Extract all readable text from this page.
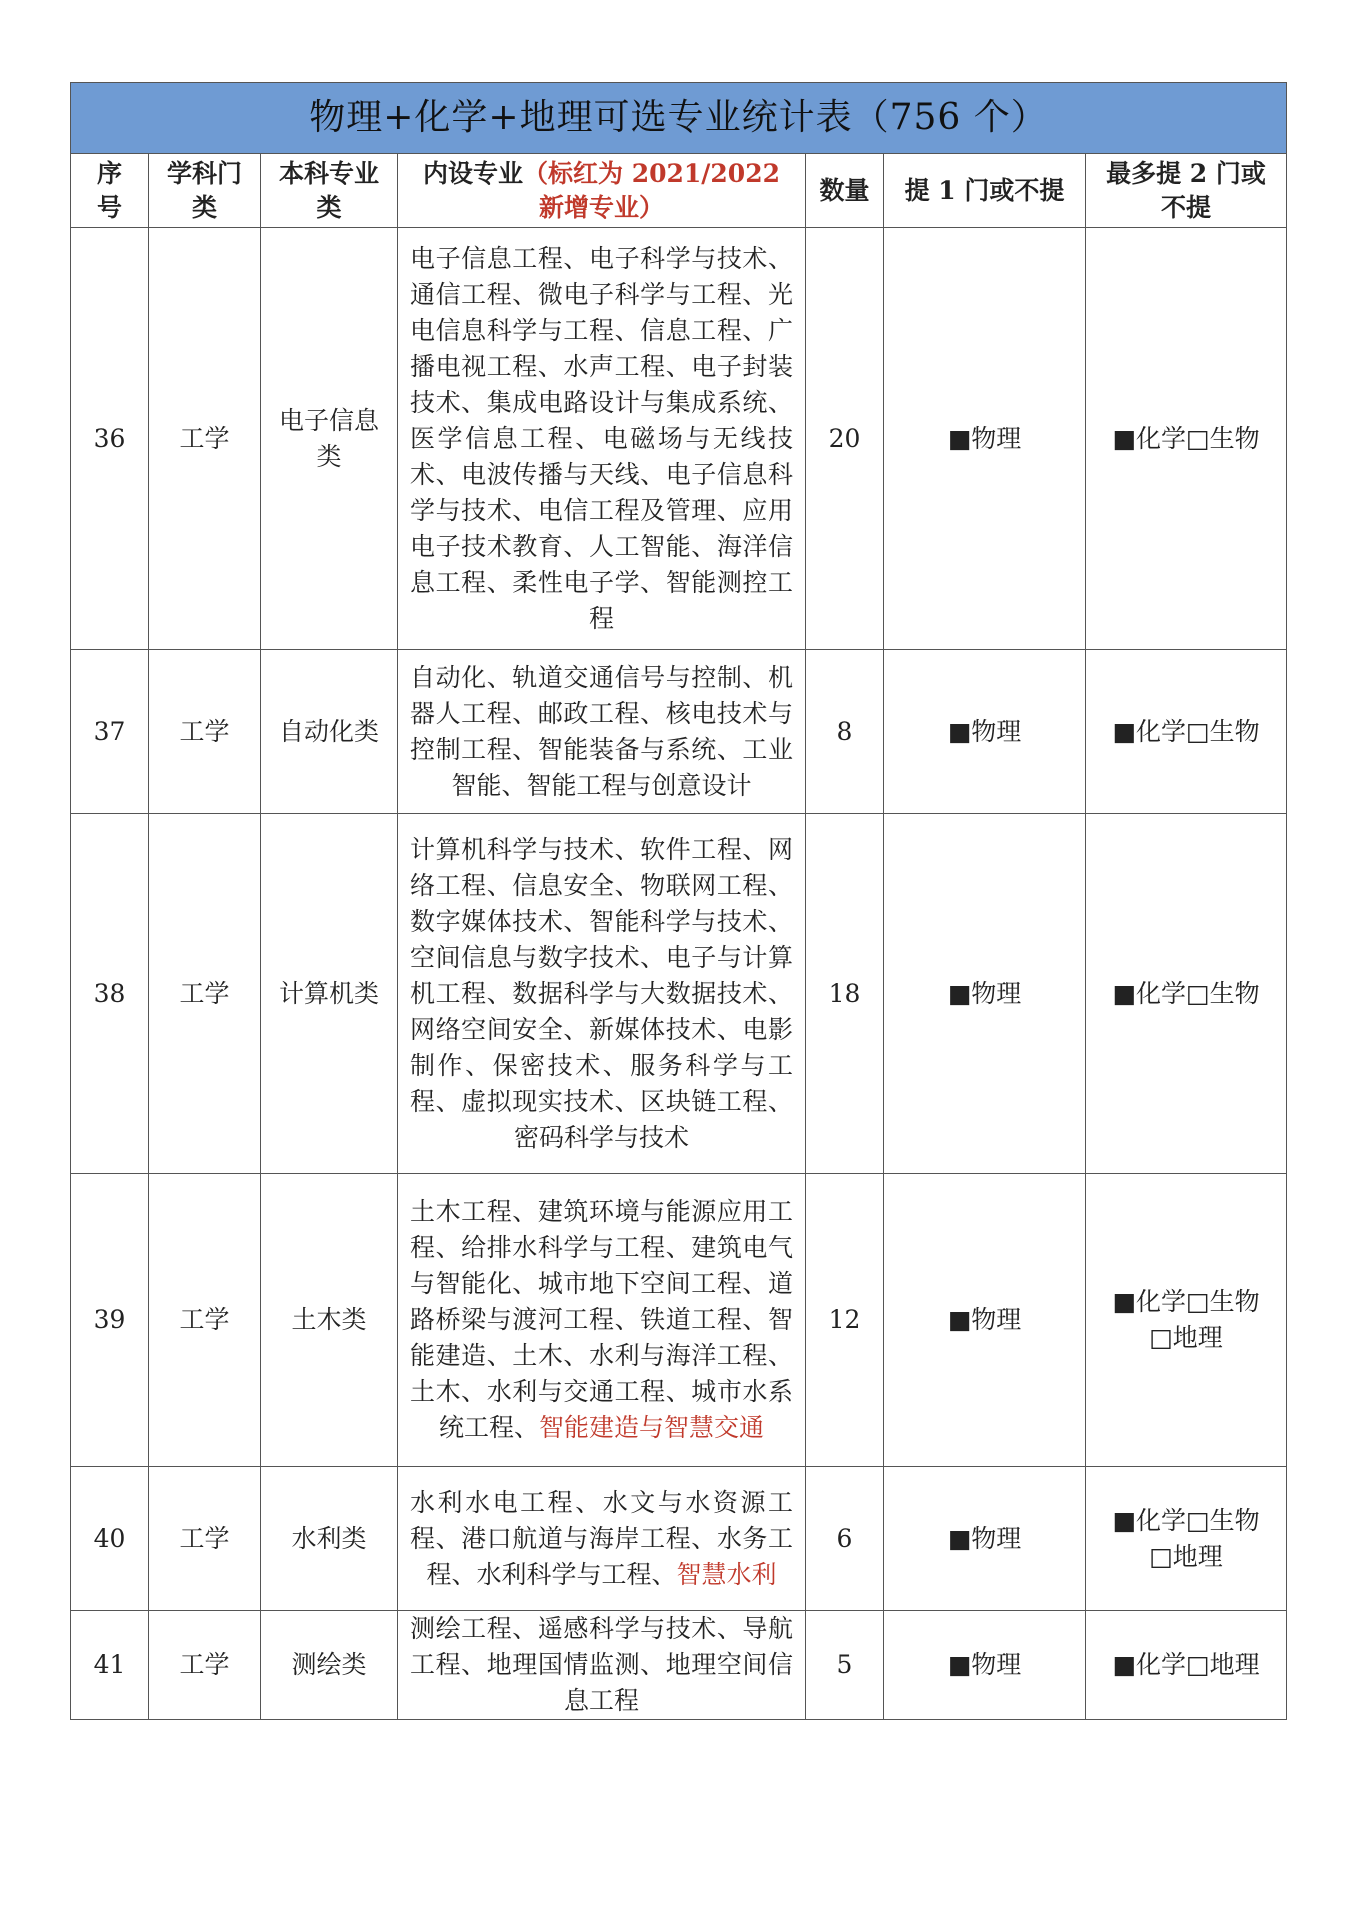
物理+化学+地理可选专业统计表（756 个）						
序号	学科门类	本科专业类	内设专业（标红为 2021/2022 新增专业）	数量	提 1 门或不提	最多提 2 门或不提
36	工学	电子信息类	电子信息工程、电子科学与技术、通信工程、微电子科学与工程、光电信息科学与工程、信息工程、广播电视工程、水声工程、电子封装技术、集成电路设计与集成系统、医学信息工程、电磁场与无线技术、电波传播与天线、电子信息科学与技术、电信工程及管理、应用电子技术教育、人工智能、海洋信息工程、柔性电子学、智能测控工程	20	■物理	■化学□生物
37	工学	自动化类	自动化、轨道交通信号与控制、机器人工程、邮政工程、核电技术与控制工程、智能装备与系统、工业智能、智能工程与创意设计	8	■物理	■化学□生物
38	工学	计算机类	计算机科学与技术、软件工程、网络工程、信息安全、物联网工程、数字媒体技术、智能科学与技术、空间信息与数字技术、电子与计算机工程、数据科学与大数据技术、网络空间安全、新媒体技术、电影制作、保密技术、服务科学与工程、虚拟现实技术、区块链工程、密码科学与技术	18	■物理	■化学□生物
39	工学	土木类	土木工程、建筑环境与能源应用工程、给排水科学与工程、建筑电气与智能化、城市地下空间工程、道路桥梁与渡河工程、铁道工程、智能建造、土木、水利与海洋工程、土木、水利与交通工程、城市水系统工程、智能建造与智慧交通	12	■物理	■化学□生物□地理
40	工学	水利类	水利水电工程、水文与水资源工程、港口航道与海岸工程、水务工程、水利科学与工程、智慧水利	6	■物理	■化学□生物□地理
41	工学	测绘类	测绘工程、遥感科学与技术、导航工程、地理国情监测、地理空间信息工程	5	■物理	■化学□地理
